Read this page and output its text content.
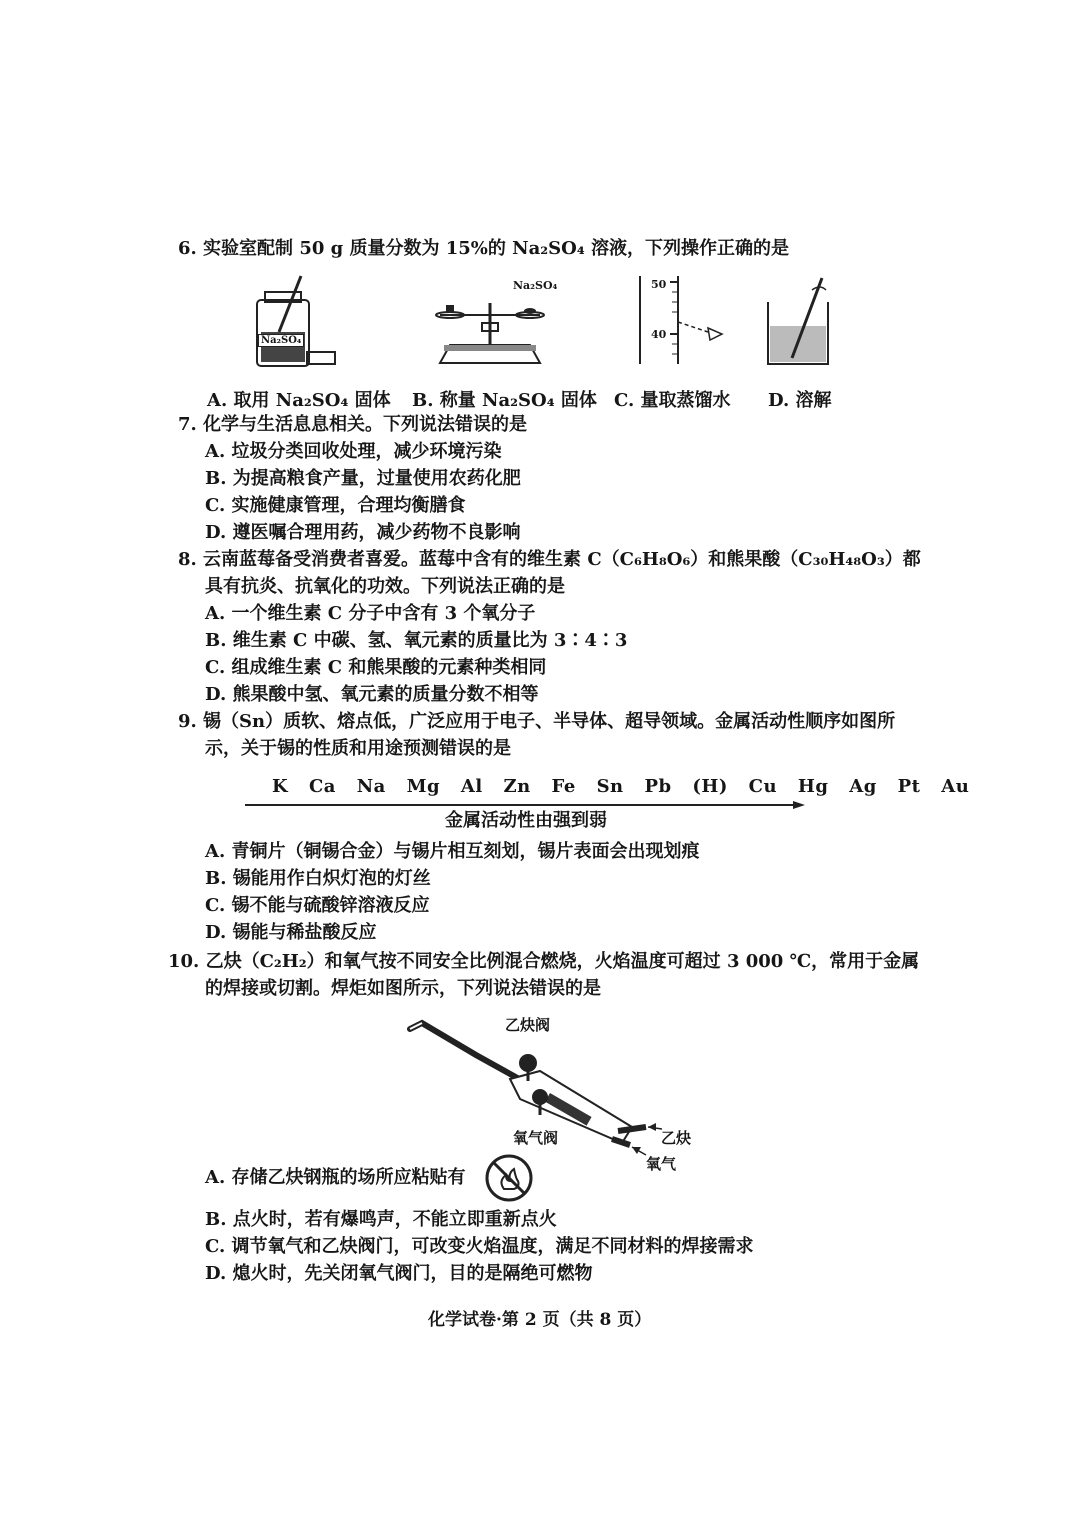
6. 实验室配制 50 g 质量分数为 15%的 Na₂SO₄ 溶液，下列操作正确的是
Na₂SO₄
Na₂SO₄	50
40
A. 取用 Na₂SO₄ 固体 B. 称量 Na₂SO₄ 固体 C. 量取蒸馏水 D. 溶解
7. 化学与生活息息相关。下列说法错误的是
A. 垃圾分类回收处理，减少环境污染
B. 为提高粮食产量，过量使用农药化肥
C. 实施健康管理，合理均衡膳食
D. 遵医嘱合理用药，减少药物不良影响
8. 云南蓝莓备受消费者喜爱。蓝莓中含有的维生素 C（C₆H₈O₆）和熊果酸（C₃₀H₄₈O₃）都
具有抗炎、抗氧化的功效。下列说法正确的是
A. 一个维生素 C 分子中含有 3 个氧分子
B. 维生素 C 中碳、氢、氧元素的质量比为 3∶4∶3
C. 组成维生素 C 和熊果酸的元素种类相同
D. 熊果酸中氢、氧元素的质量分数不相等
9. 锡（Sn）质软、熔点低，广泛应用于电子、半导体、超导领域。金属活动性顺序如图所
示，关于锡的性质和用途预测错误的是
K Ca Na Mg Al Zn Fe Sn Pb (H) Cu Hg Ag Pt Au
金属活动性由强到弱
A. 青铜片（铜锡合金）与锡片相互刻划，锡片表面会出现划痕
B. 锡能用作白炽灯泡的灯丝
C. 锡不能与硫酸锌溶液反应
D. 锡能与稀盐酸反应
10. 乙炔（C₂H₂）和氧气按不同安全比例混合燃烧，火焰温度可超过 3 000 ℃，常用于金属
的焊接或切割。焊炬如图所示，下列说法错误的是
乙炔阀
氧气阀	乙炔
氧气
A. 存储乙炔钢瓶的场所应粘贴有
B. 点火时，若有爆鸣声，不能立即重新点火
C. 调节氧气和乙炔阀门，可改变火焰温度，满足不同材料的焊接需求
D. 熄火时，先关闭氧气阀门，目的是隔绝可燃物
化学试卷·第 2 页（共 8 页）
